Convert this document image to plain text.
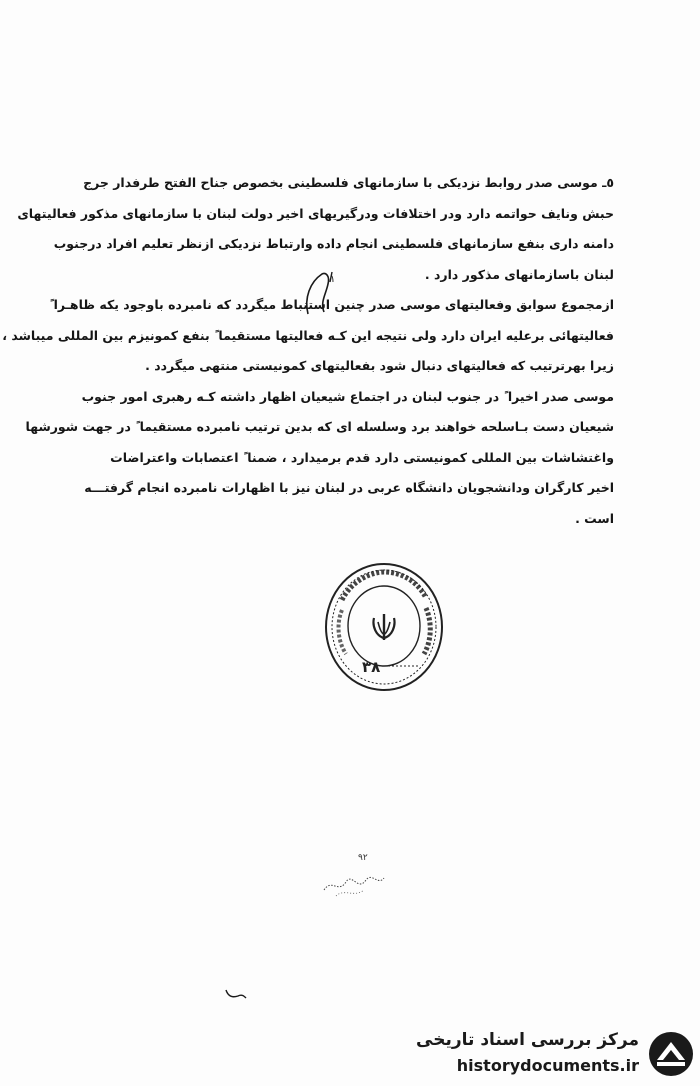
٥ـ موسی صدر روابط نزدیکی با سازمانهای فلسطینی بخصوص جناح الفتح طرفدار جرج
حبش ونایف حواتمه دارد ودر اختلافات ودرگیریهای اخیر دولت لبنان با سازمانهای مذکور فعالیتهای
دامنه داری بنفع سازمانهای فلسطینی انجام داده وارتباط نزدیکی ازنظر تعلیم افراد درجنوب
لبنان باسازمانهای مذکور دارد .
ازمجموع سوابق وفعالیتهای موسی صدر چنین استنباط میگردد که نامبرده باوجود یکه ظاهـرا ً
فعالیتهائی برعلیه ایران دارد ولی نتیجه این کـه فعالیتها مستقیما ً بنفع کمونیزم بین المللی میباشد ،
زیرا بهرترتیب که فعالیتهای دنبال شود بفعالیتهای کمونیستی منتهی میگردد .
موسی صدر اخیرا ً در جنوب لبنان در اجتماع شیعیان اظهار داشته کـه رهبری امور جنوب
شیعیان دست بـاسلحه خواهند برد وسلسله ای که بدین ترتیب نامبرده مستقیما ً در جهت شورشها
واغتشاشات بین المللی کمونیستی دارد قدم برمیدارد ، ضمنا ً اعتصابات واعتراضات
اخیر کارگران ودانشجویان دانشگاه عربی در لبنان نیز با اظهارات نامبرده انجام گرفتـــه
است .
۱
۳۸
۹۲
مرکز بررسی اسناد تاریخی
historydocuments.ir
